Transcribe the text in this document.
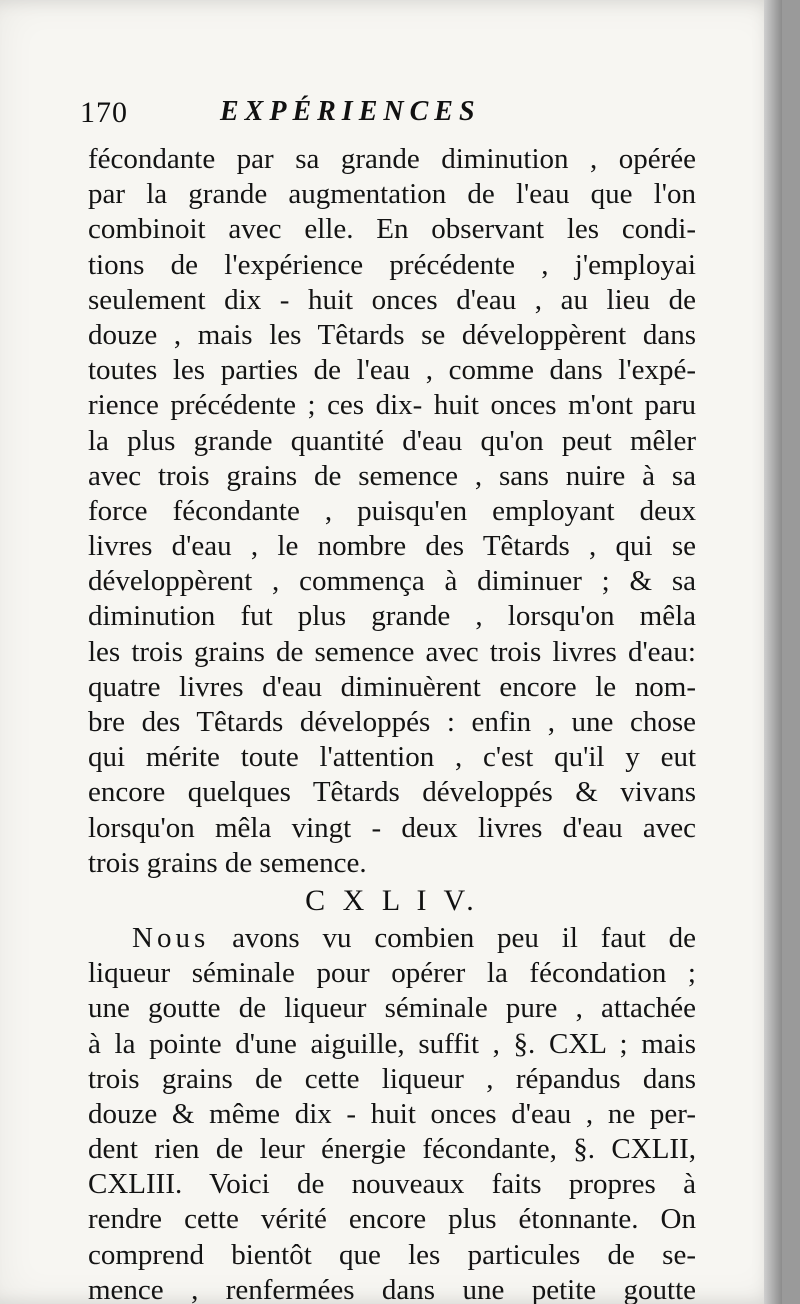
170	EXPÉRIENCES
fécondante par sa grande diminution , opérée
par la grande augmentation de l'eau que l'on
combinoit avec elle. En observant les condi-
tions de l'expérience précédente , j'employai
seulement dix - huit onces d'eau , au lieu de
douze , mais les Têtards se développèrent dans
toutes les parties de l'eau , comme dans l'expé-
rience précédente ; ces dix- huit onces m'ont paru
la plus grande quantité d'eau qu'on peut mêler
avec trois grains de semence , sans nuire à sa
force fécondante , puisqu'en employant deux
livres d'eau , le nombre des Têtards , qui se
développèrent , commença à diminuer ; & sa
diminution fut plus grande , lorsqu'on mêla
les trois grains de semence avec trois livres d'eau:
quatre livres d'eau diminuèrent encore le nom-
bre des Têtards développés : enfin , une chose
qui mérite toute l'attention , c'est qu'il y eut
encore quelques Têtards développés & vivans
lorsqu'on mêla vingt - deux livres d'eau avec
trois grains de semence.
C X L I V.
Nous avons vu combien peu il faut de
liqueur séminale pour opérer la fécondation ;
une goutte de liqueur séminale pure , attachée
à la pointe d'une aiguille, suffit , §. CXL ; mais
trois grains de cette liqueur , répandus dans
douze & même dix - huit onces d'eau , ne per-
dent rien de leur énergie fécondante, §. CXLII,
CXLIII. Voici de nouveaux faits propres à
rendre cette vérité encore plus étonnante. On
comprend bientôt que les particules de se-
mence , renfermées dans une petite goutte
